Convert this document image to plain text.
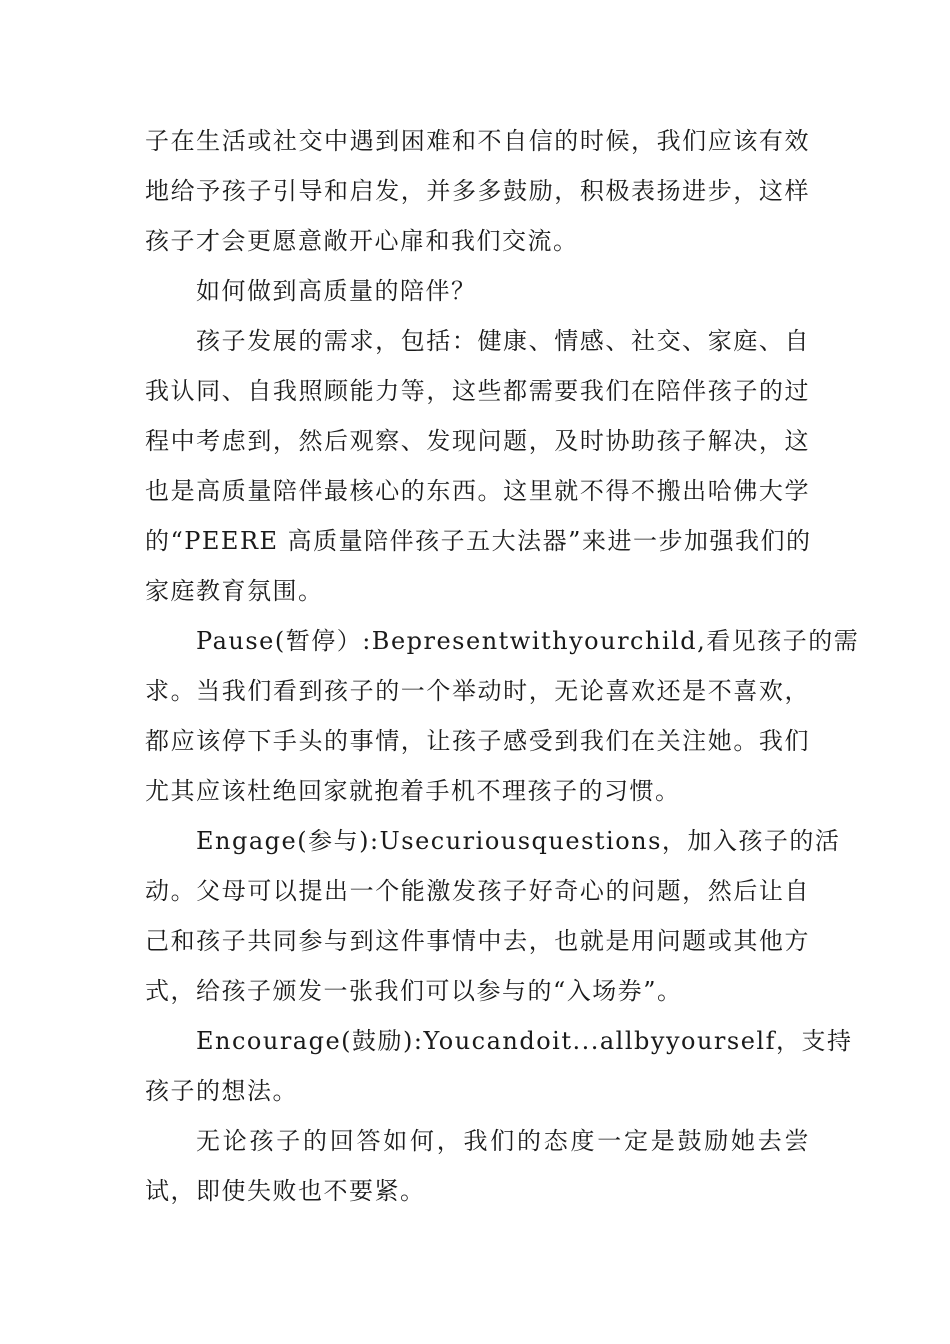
子在生活或社交中遇到困难和不自信的时候，我们应该有效
地给予孩子引导和启发，并多多鼓励，积极表扬进步，这样
孩子才会更愿意敞开心扉和我们交流。
如何做到高质量的陪伴？
孩子发展的需求，包括：健康、情感、社交、家庭、自
我认同、自我照顾能力等，这些都需要我们在陪伴孩子的过
程中考虑到，然后观察、发现问题，及时协助孩子解决，这
也是高质量陪伴最核心的东西。这里就不得不搬出哈佛大学
的“PEERE 高质量陪伴孩子五大法器”来进一步加强我们的
家庭教育氛围。
Pause(暂停）:Bepresentwithyourchild,看见孩子的需
求。当我们看到孩子的一个举动时，无论喜欢还是不喜欢，
都应该停下手头的事情，让孩子感受到我们在关注她。我们
尤其应该杜绝回家就抱着手机不理孩子的习惯。
Engage(参与):Usecuriousquestions，加入孩子的活
动。父母可以提出一个能激发孩子好奇心的问题，然后让自
己和孩子共同参与到这件事情中去，也就是用问题或其他方
式，给孩子颁发一张我们可以参与的“入场券”。
Encourage(鼓励):Youcandoit...allbyyourself，支持
孩子的想法。
无论孩子的回答如何，我们的态度一定是鼓励她去尝
试，即使失败也不要紧。
